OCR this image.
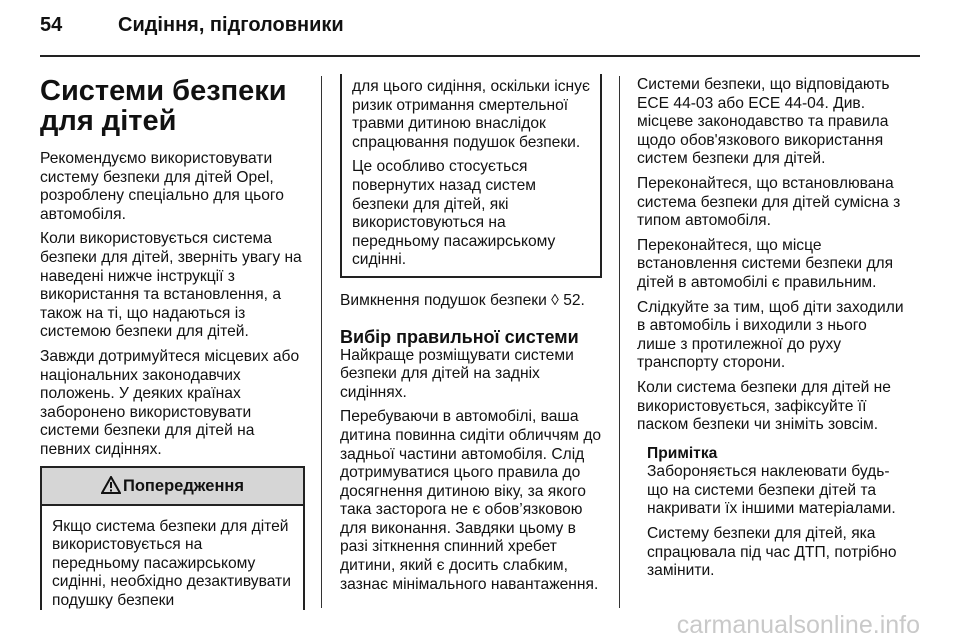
54	Сидіння, підголовники
Системи безпеки для дітей

Рекомендуємо використовувати систему безпеки для дітей Opel, розроблену спеціально для цього автомобіля.

Коли використовується система безпеки для дітей, зверніть увагу на наведені нижче інструкції з використання та встановлення, а також на ті, що надаються із системою безпеки для дітей.

Завжди дотримуйтеся місцевих або національних законодавчих положень. У деяких країнах заборонено використовувати системи безпеки для дітей на певних сидіннях.

Попередження
Якщо система безпеки для дітей використовується на передньому пасажирському сидінні, необхідно дезактивувати подушку безпеки

для цього сидіння, оскільки існує ризик отримання смертельної травми дитиною внаслідок спрацювання подушок безпеки.

Це особливо стосується повернутих назад систем безпеки для дітей, які використовуються на передньому пасажирському сидінні.

Вимкнення подушок безпеки ◊ 52.

Вибір правильної системи

Найкраще розміщувати системи безпеки для дітей на задніх сидіннях.

Перебуваючи в автомобілі, ваша дитина повинна сидіти обличчям до задньої частини автомобіля. Слід дотримуватися цього правила до досягнення дитиною віку, за якого така засторога не є обов’язковою для виконання. Завдяки цьому в разі зіткнення спинний хребет дитини, який є досить слабким, зазнає мінімального навантаження.

Системи безпеки, що відповідають ECE 44-03 або ECE 44-04. Див. місцеве законодавство та правила щодо обов'язкового використання систем безпеки для дітей.

Переконайтеся, що встановлювана система безпеки для дітей сумісна з типом автомобіля.

Переконайтеся, що місце встановлення системи безпеки для дітей в автомобілі є правильним.

Слідкуйте за тим, щоб діти заходили в автомобіль і виходили з нього лише з протилежної до руху транспорту сторони.

Коли система безпеки для дітей не використовується, зафіксуйте її паском безпеки чи зніміть зовсім.

Примітка

Забороняється наклеювати будь-що на системи безпеки дітей та накривати їх іншими матеріалами.

Систему безпеки для дітей, яка спрацювала під час ДТП, потрібно замінити.

carmanualsonline.info
